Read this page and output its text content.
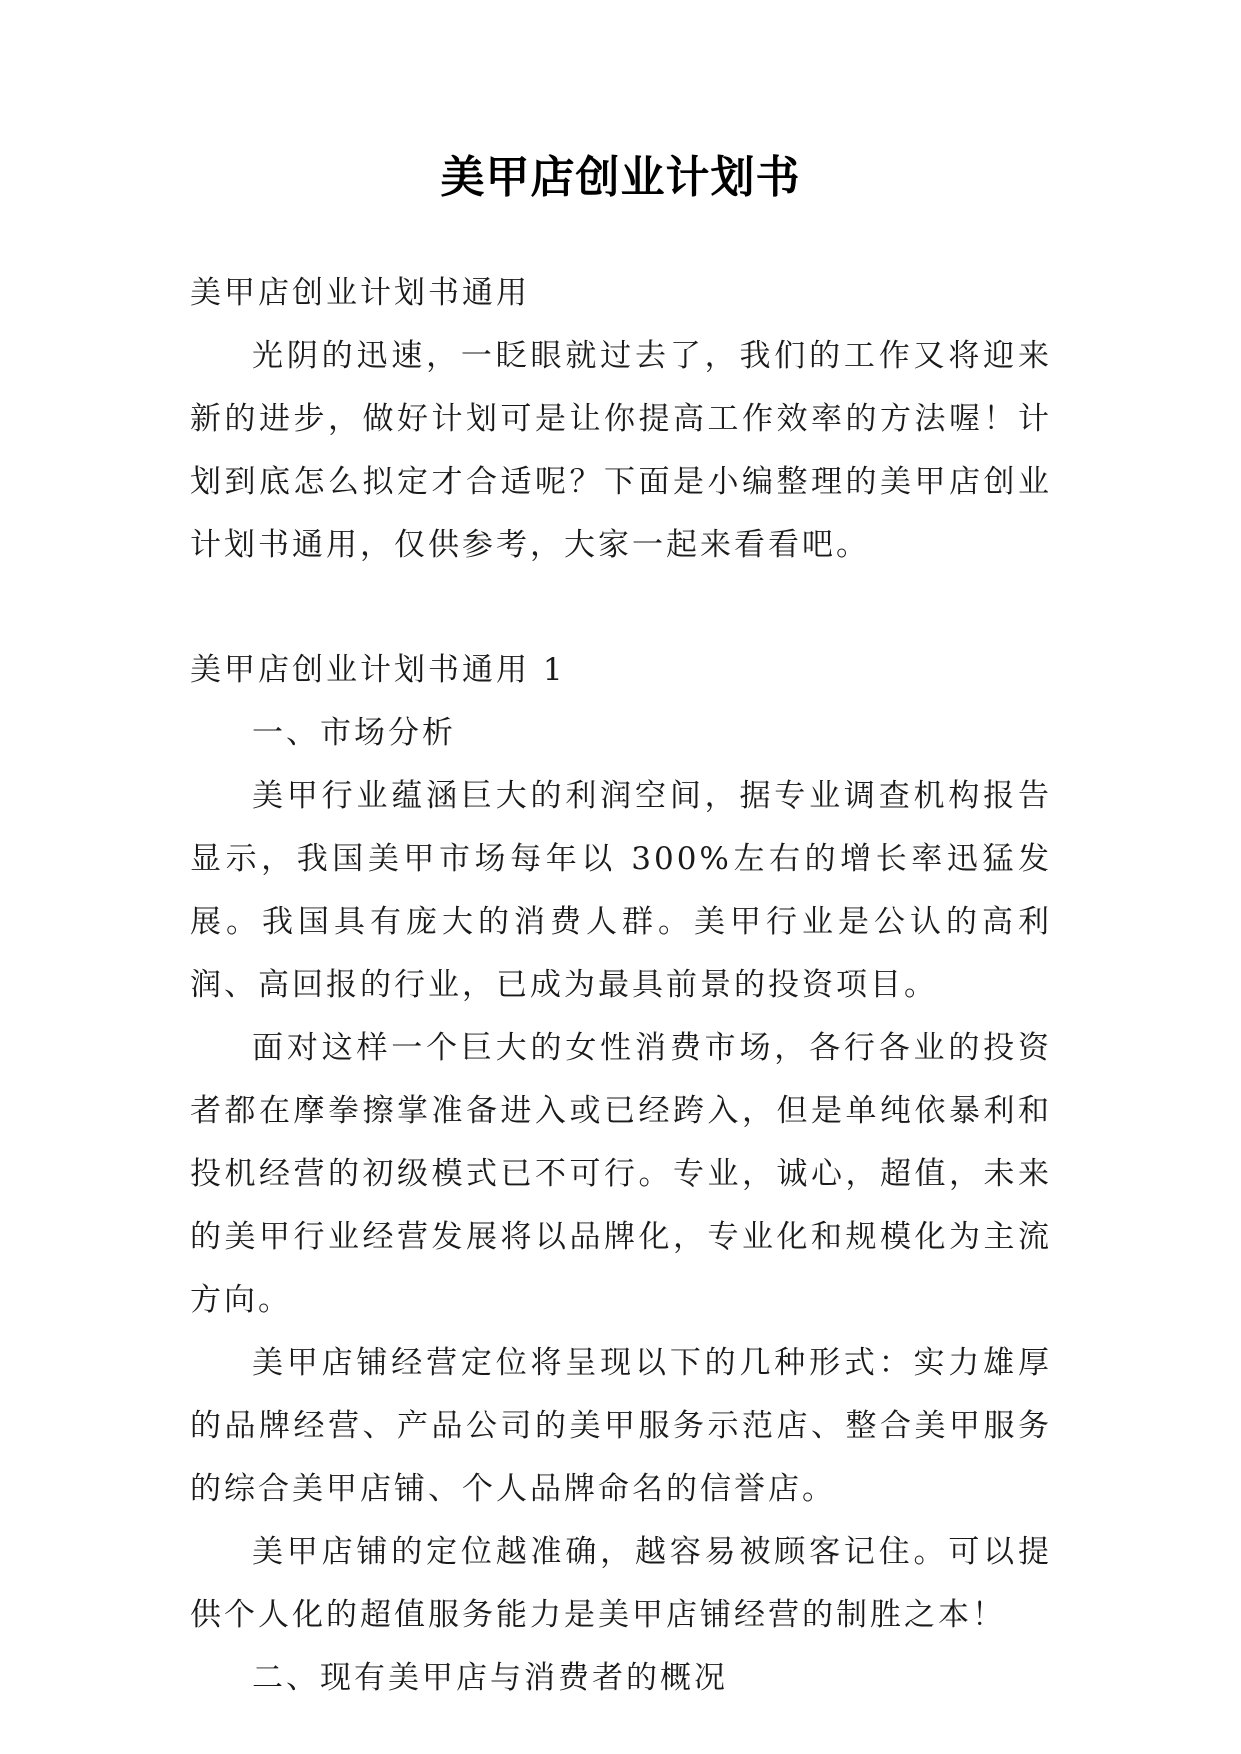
美甲店创业计划书

美甲店创业计划书通用

光阴的迅速，一眨眼就过去了，我们的工作又将迎来新的进步，做好计划可是让你提高工作效率的方法喔！计划到底怎么拟定才合适呢？下面是小编整理的美甲店创业计划书通用，仅供参考，大家一起来看看吧。

美甲店创业计划书通用 1

一、市场分析

美甲行业蕴涵巨大的利润空间，据专业调查机构报告显示，我国美甲市场每年以 300%左右的增长率迅猛发展。我国具有庞大的消费人群。美甲行业是公认的高利润、高回报的行业，已成为最具前景的投资项目。

面对这样一个巨大的女性消费市场，各行各业的投资者都在摩拳擦掌准备进入或已经跨入，但是单纯依暴利和投机经营的初级模式已不可行。专业，诚心，超值，未来的美甲行业经营发展将以品牌化，专业化和规模化为主流方向。

美甲店铺经营定位将呈现以下的几种形式：实力雄厚的品牌经营、产品公司的美甲服务示范店、整合美甲服务的综合美甲店铺、个人品牌命名的信誉店。

美甲店铺的定位越准确，越容易被顾客记住。可以提供个人化的超值服务能力是美甲店铺经营的制胜之本！

二、现有美甲店与消费者的概况
